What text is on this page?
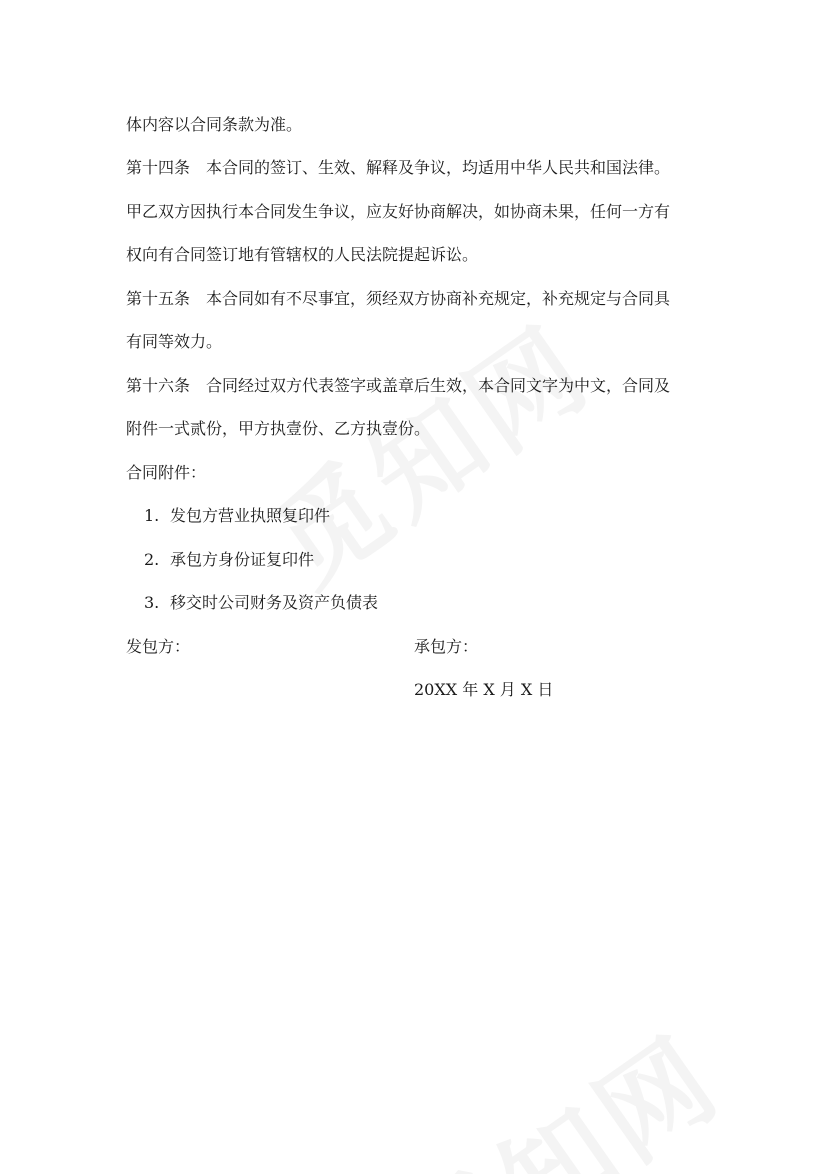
体内容以合同条款为准。
第十四条　本合同的签订、生效、解释及争议，均适用中华人民共和国法律。
甲乙双方因执行本合同发生争议，应友好协商解决，如协商未果，任何一方有
权向有合同签订地有管辖权的人民法院提起诉讼。
第十五条　本合同如有不尽事宜，须经双方协商补充规定，补充规定与合同具
有同等效力。
第十六条　合同经过双方代表签字或盖章后生效，本合同文字为中文，合同及
附件一式贰份，甲方执壹份、乙方执壹份。
合同附件：
1. 发包方营业执照复印件
2. 承包方身份证复印件
3. 移交时公司财务及资产负债表
发包方：	承包方：
20XX 年 X 月 X 日
